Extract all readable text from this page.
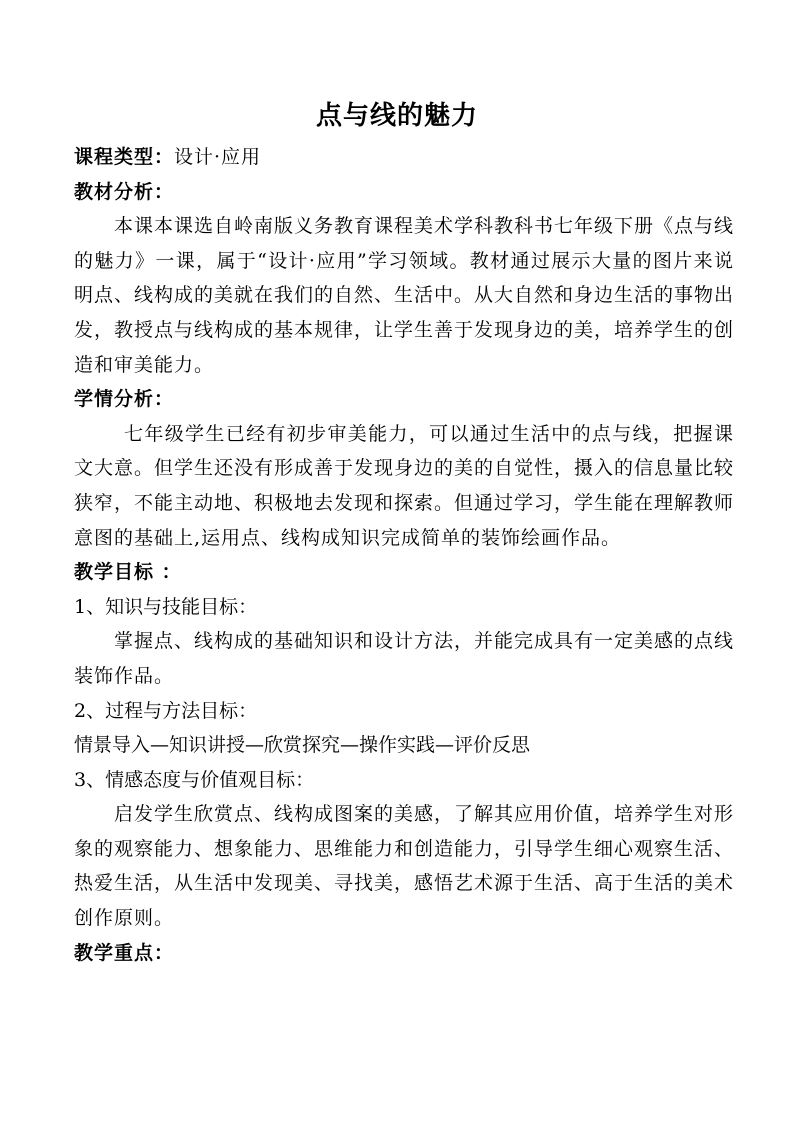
点与线的魅力

课程类型：设计·应用

教材分析：

本课本课选自岭南版义务教育课程美术学科教科书七年级下册《点与线的魅力》一课，属于“设计·应用”学习领域。教材通过展示大量的图片来说明点、线构成的美就在我们的自然、生活中。从大自然和身边生活的事物出发，教授点与线构成的基本规律，让学生善于发现身边的美，培养学生的创造和审美能力。

学情分析：

七年级学生已经有初步审美能力，可以通过生活中的点与线，把握课文大意。但学生还没有形成善于发现身边的美的自觉性，摄入的信息量比较狭窄，不能主动地、积极地去发现和探索。但通过学习，学生能在理解教师意图的基础上,运用点、线构成知识完成简单的装饰绘画作品。

教学目标 ：

1、知识与技能目标：

掌握点、线构成的基础知识和设计方法，并能完成具有一定美感的点线装饰作品。

2、过程与方法目标：

情景导入—知识讲授—欣赏探究—操作实践—评价反思

3、情感态度与价值观目标：

启发学生欣赏点、线构成图案的美感，了解其应用价值，培养学生对形象的观察能力、想象能力、思维能力和创造能力，引导学生细心观察生活、热爱生活，从生活中发现美、寻找美，感悟艺术源于生活、高于生活的美术创作原则。

教学重点：
